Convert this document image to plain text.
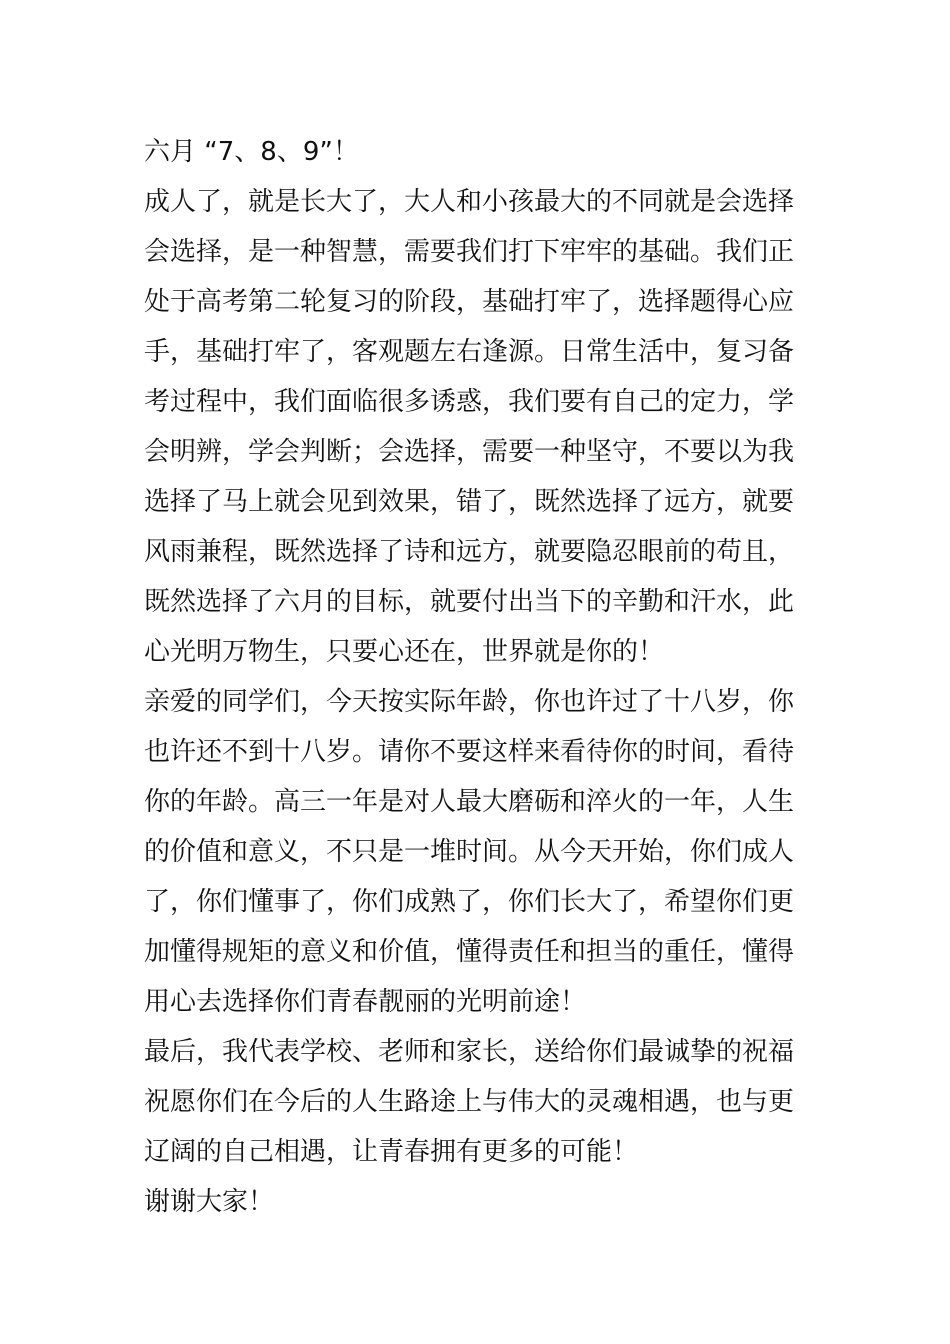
六月 “7、8、9”！
成人了，就是长大了，大人和小孩最大的不同就是会选择
会选择，是一种智慧，需要我们打下牢牢的基础。我们正
处于高考第二轮复习的阶段，基础打牢了，选择题得心应
手，基础打牢了，客观题左右逢源。日常生活中，复习备
考过程中，我们面临很多诱惑，我们要有自己的定力，学
会明辨，学会判断；会选择，需要一种坚守，不要以为我
选择了马上就会见到效果，错了，既然选择了远方，就要
风雨兼程，既然选择了诗和远方，就要隐忍眼前的苟且，
既然选择了六月的目标，就要付出当下的辛勤和汗水，此
心光明万物生，只要心还在，世界就是你的！
亲爱的同学们，今天按实际年龄，你也许过了十八岁，你
也许还不到十八岁。请你不要这样来看待你的时间，看待
你的年龄。高三一年是对人最大磨砺和淬火的一年，人生
的价值和意义，不只是一堆时间。从今天开始，你们成人
了，你们懂事了，你们成熟了，你们长大了，希望你们更
加懂得规矩的意义和价值，懂得责任和担当的重任，懂得
用心去选择你们青春靓丽的光明前途！
最后，我代表学校、老师和家长，送给你们最诚挚的祝福
祝愿你们在今后的人生路途上与伟大的灵魂相遇，也与更
辽阔的自己相遇，让青春拥有更多的可能！
谢谢大家！
